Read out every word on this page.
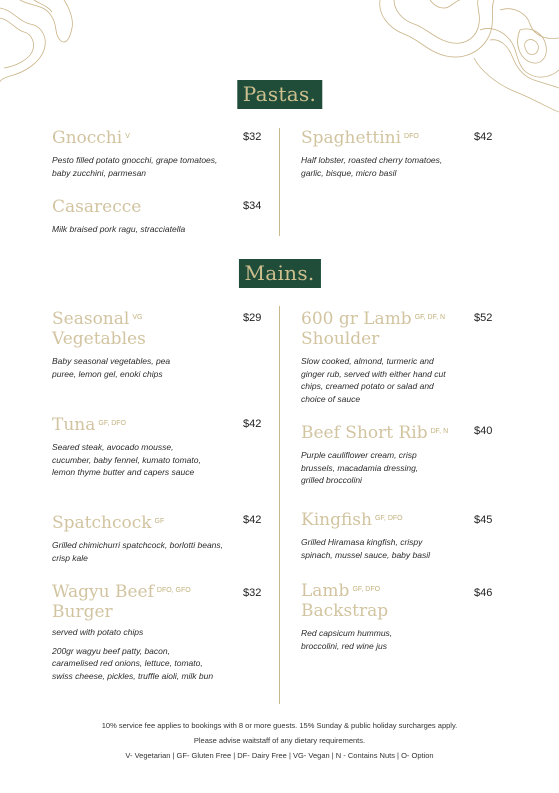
Pastas.
Gnocchi $^V$
Pesto filled potato gnocchi, grape tomatoes, baby zucchini, parmesan
$32 Spaghettini $^{DFO}$
Half lobster, roasted cherry tomatoes, garlic, bisque, micro basil
$42
Casarecce
Milk braised pork ragu, stracciatella
$34
Mains.
Seasonal $^{VG}$
Vegetables
Baby seasonal vegetables, pea puree, lemon gel, enoki chips
$29 600 gr Lamb $^{GF, DF, N}$
Shoulder
Slow cooked, almond, turmeric and ginger rub, served with either hand cut chips, creamed potato or salad and choice of sauce
$52
Tuna $^{GF, DFO}$
Seared steak, avocado mousse, cucumber, baby fennel, kumato tomato, lemon thyme butter and capers sauce
$42 Beef Short Rib $^{DF, N}$
Purple cauliflower cream, crisp brussels, macadamia dressing, grilled broccolini
$40
Spatchcock $^{GF}$
Grilled chimichurri spatchcock, borlotti beans, crisp kale
$42 Kingfish $^{GF, DFO}$
Grilled Hiramasa kingfish, crispy spinach, mussel sauce, baby basil
$45
Wagyu Beef $^{DFO, GFO}$
Burger
served with potato chips
200gr wagyu beef patty, bacon, caramelised red onions, lettuce, tomato, swiss cheese, pickles, truffle aioli, milk bun
$32 Lamb $^{GF, DFO}$
Backstrap
Red capsicum hummus, broccolini, red wine jus
$46
10% service fee applies to bookings with 8 or more guests. 15% Sunday & public holiday surcharges apply.
Please advise waitstaff of any dietary requirements.
V- Vegetarian | GF- Gluten Free | DF- Dairy Free | VG- Vegan | N - Contains Nuts | O- Option
